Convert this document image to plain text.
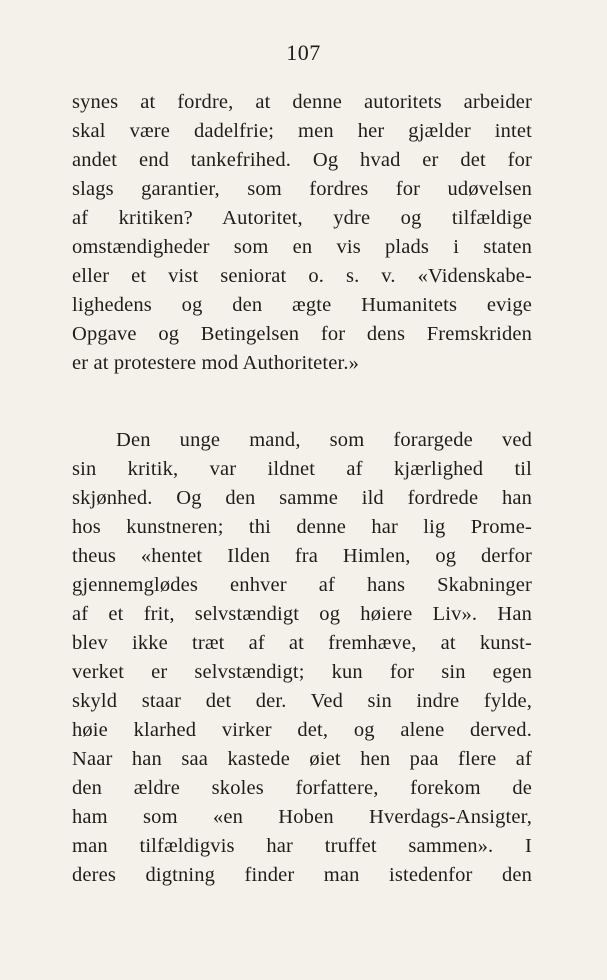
107
synes at fordre, at denne autoritets arbeider
skal være dadelfrie; men her gjælder intet
andet end tankefrihed. Og hvad er det for
slags garantier, som fordres for udøvelsen
af kritiken? Autoritet, ydre og tilfældige
omstændigheder som en vis plads i staten
eller et vist seniorat o. s. v. «Videnskabe-
lighedens og den ægte Humanitets evige
Opgave og Betingelsen for dens Fremskriden
er at protestere mod Authoriteter.»
Den unge mand, som forargede ved
sin kritik, var ildnet af kjærlighed til
skjønhed. Og den samme ild fordrede han
hos kunstneren; thi denne har lig Prome-
theus «hentet Ilden fra Himlen, og derfor
gjennemglødes enhver af hans Skabninger
af et frit, selvstændigt og høiere Liv». Han
blev ikke træt af at fremhæve, at kunst-
verket er selvstændigt; kun for sin egen
skyld staar det der. Ved sin indre fylde,
høie klarhed virker det, og alene derved.
Naar han saa kastede øiet hen paa flere af
den ældre skoles forfattere, forekom de
ham som «en Hoben Hverdags-Ansigter,
man tilfældigvis har truffet sammen». I
deres digtning finder man istedenfor den
